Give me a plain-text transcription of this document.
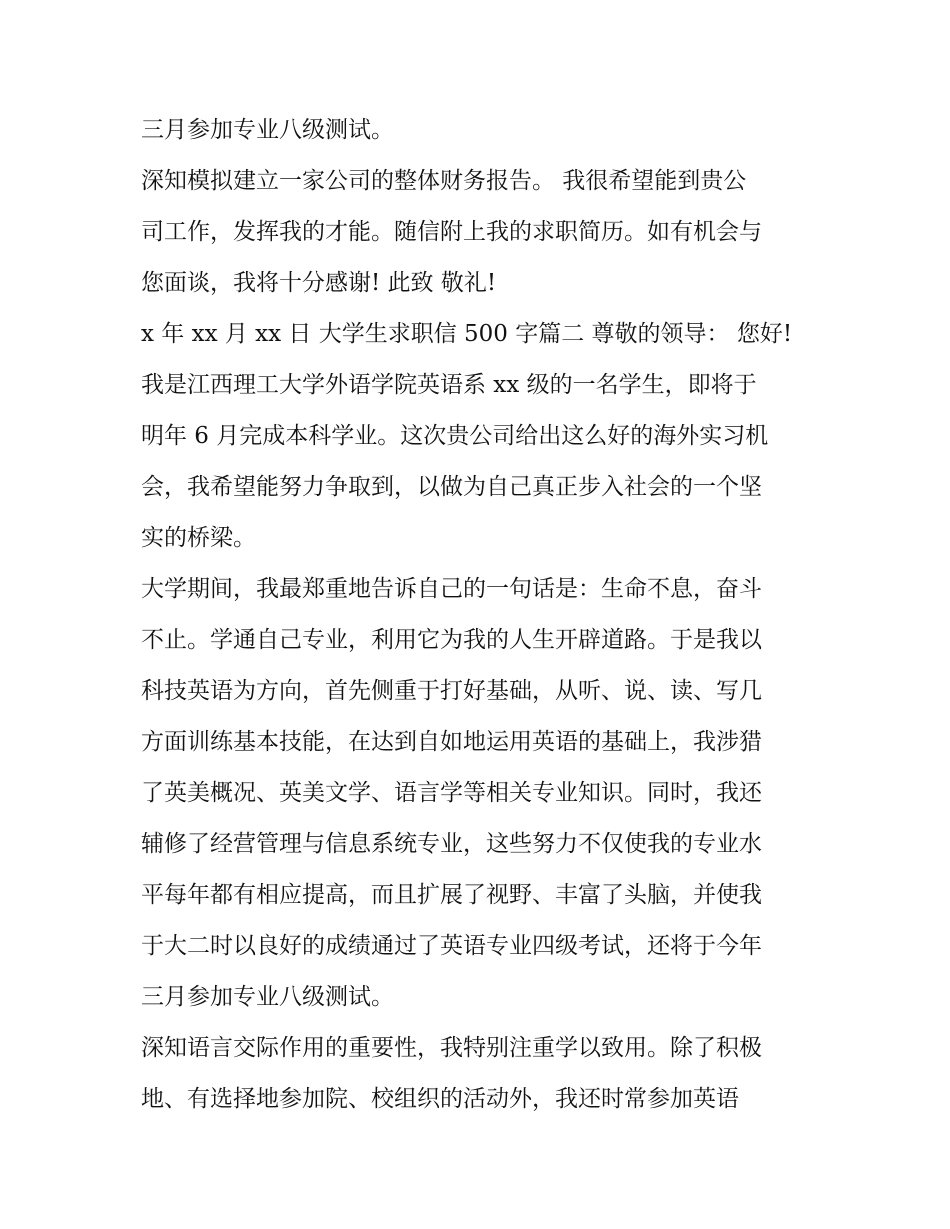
三月参加专业八级测试。
深知模拟建立一家公司的整体财务报告。 我很希望能到贵公
司工作，发挥我的才能。随信附上我的求职简历。如有机会与
您面谈，我将十分感谢! 此致 敬礼!
x 年 xx 月 xx 日 大学生求职信 500 字篇二 尊敬的领导： 您好!
我是江西理工大学外语学院英语系 xx 级的一名学生，即将于
明年 6 月完成本科学业。这次贵公司给出这么好的海外实习机
会，我希望能努力争取到，以做为自己真正步入社会的一个坚
实的桥梁。
大学期间，我最郑重地告诉自己的一句话是：生命不息，奋斗
不止。学通自己专业，利用它为我的人生开辟道路。于是我以
科技英语为方向，首先侧重于打好基础，从听、说、读、写几
方面训练基本技能，在达到自如地运用英语的基础上，我涉猎
了英美概况、英美文学、语言学等相关专业知识。同时，我还
辅修了经营管理与信息系统专业，这些努力不仅使我的专业水
平每年都有相应提高，而且扩展了视野、丰富了头脑，并使我
于大二时以良好的成绩通过了英语专业四级考试，还将于今年
三月参加专业八级测试。
深知语言交际作用的重要性，我特别注重学以致用。除了积极
地、有选择地参加院、校组织的活动外，我还时常参加英语
